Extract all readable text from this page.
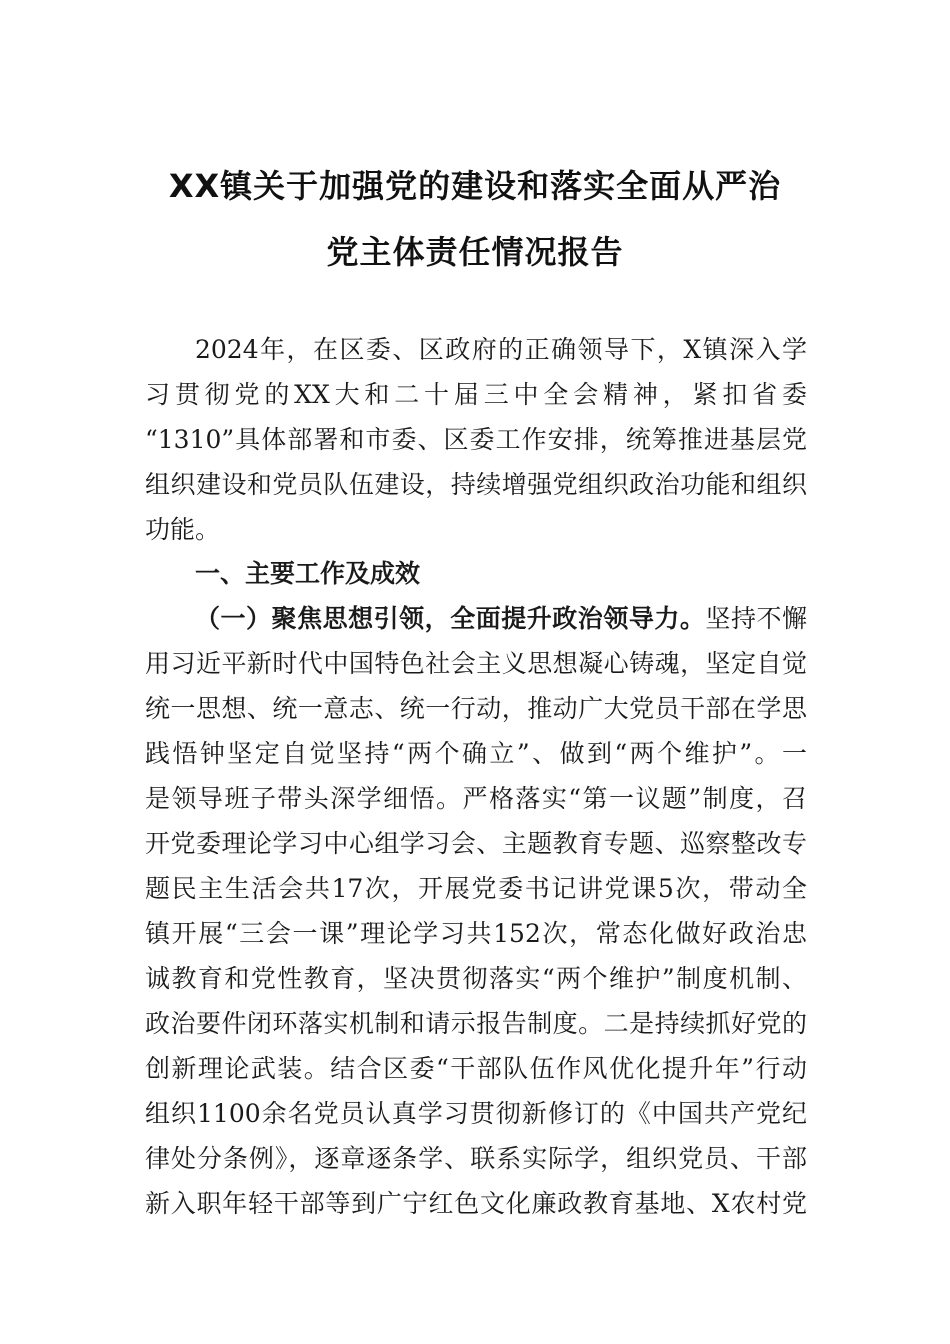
XX镇关于加强党的建设和落实全面从严治
党主体责任情况报告
2024年，在区委、区政府的正确领导下，X镇深入学
习贯彻党的XX大和二十届三中全会精神，紧扣省委
“1310”具体部署和市委、区委工作安排，统筹推进基层党
组织建设和党员队伍建设，持续增强党组织政治功能和组织
功能。
一、主要工作及成效
（一）聚焦思想引领，全面提升政治领导力。坚持不懈
用习近平新时代中国特色社会主义思想凝心铸魂，坚定自觉
统一思想、统一意志、统一行动，推动广大党员干部在学思
践悟钟坚定自觉坚持“两个确立”、做到“两个维护”。一
是领导班子带头深学细悟。严格落实“第一议题”制度，召
开党委理论学习中心组学习会、主题教育专题、巡察整改专
题民主生活会共17次，开展党委书记讲党课5次，带动全
镇开展“三会一课”理论学习共152次，常态化做好政治忠
诚教育和党性教育，坚决贯彻落实“两个维护”制度机制、
政治要件闭环落实机制和请示报告制度。二是持续抓好党的
创新理论武装。结合区委“干部队伍作风优化提升年”行动
组织1100余名党员认真学习贯彻新修订的《中国共产党纪
律处分条例》，逐章逐条学、联系实际学，组织党员、干部
新入职年轻干部等到广宁红色文化廉政教育基地、X农村党
